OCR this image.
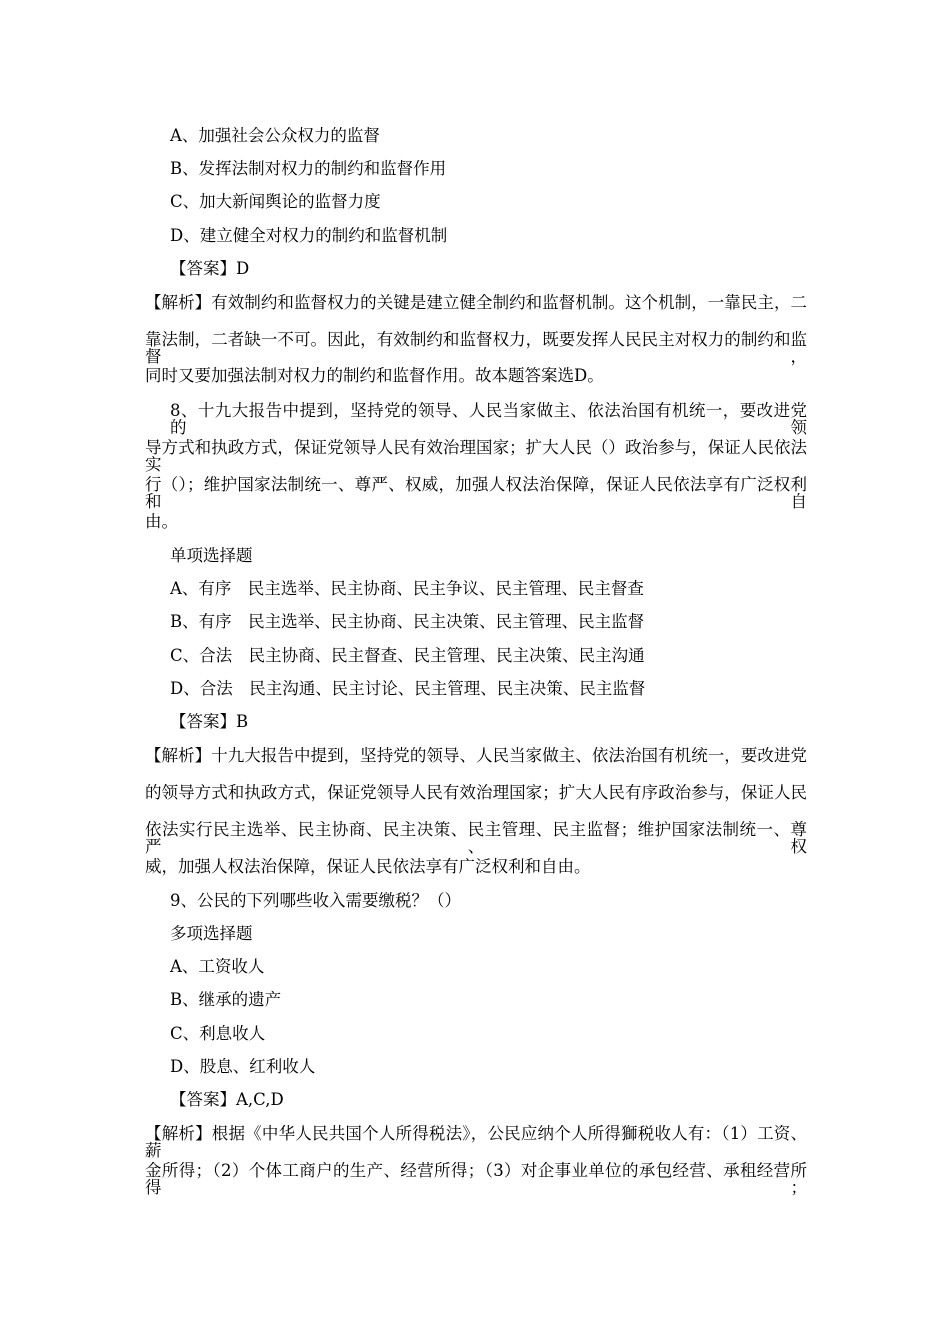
A、加强社会公众权力的监督
B、发挥法制对权力的制约和监督作用
C、加大新闻舆论的监督力度
D、建立健全对权力的制约和监督机制
【答案】D
【解析】有效制约和监督权力的关键是建立健全制约和监督机制。这个机制，一靠民主，二
靠法制，二者缺一不可。因此，有效制约和监督权力，既要发挥人民民主对权力的制约和监督，
同时又要加强法制对权力的制约和监督作用。故本题答案选D。
8、十九大报告中提到，坚持党的领导、人民当家做主、依法治国有机统一，要改进党的领
导方式和执政方式，保证党领导人民有效治理国家；扩大人民（）政治参与，保证人民依法实
行（）；维护国家法制统一、尊严、权威，加强人权法治保障，保证人民依法享有广泛权利和自
由。
单项选择题
A、有序　民主选举、民主协商、民主争议、民主管理、民主督查
B、有序　民主选举、民主协商、民主决策、民主管理、民主监督
C、合法　民主协商、民主督查、民主管理、民主决策、民主沟通
D、合法　民主沟通、民主讨论、民主管理、民主决策、民主监督
【答案】B
【解析】十九大报告中提到，坚持党的领导、人民当家做主、依法治国有机统一，要改进党
的领导方式和执政方式，保证党领导人民有效治理国家；扩大人民有序政治参与，保证人民
依法实行民主选举、民主协商、民主决策、民主管理、民主监督；维护国家法制统一、尊严、权
威，加强人权法治保障，保证人民依法享有广泛权利和自由。
9、公民的下列哪些收入需要缴税？（）
多项选择题
A、工资收人
B、继承的遗产
C、利息收人
D、股息、红利收人
【答案】A,C,D
【解析】根据《中华人民共国个人所得税法》，公民应纳个人所得獅税收人有：（1）工资、薪
金所得；（2）个体工商户的生产、经营所得；（3）对企事业单位的承包经营、承租经营所得；
